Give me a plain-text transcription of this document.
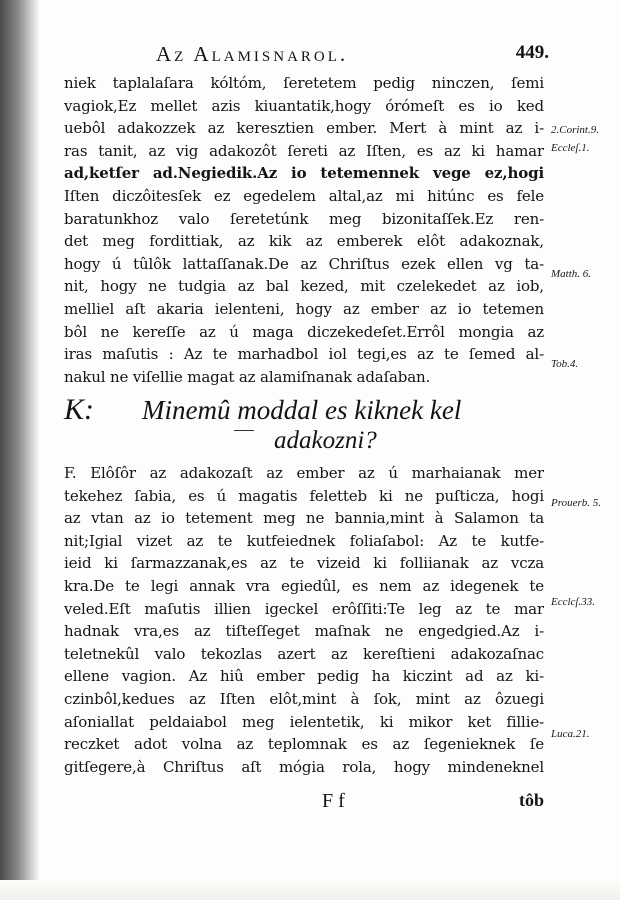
Az Alamisnarol.	449.
niek taplalaſara kóltóm, ſeretetem pedig ninczen, ſemi
vagiok,Ez mellet azis kiuantatik,hogy órómeſt es io ked
uebôl adakozzek az keresztien ember. Mert à mint az i-
ras tanit, az vig adakozôt ſereti az Iſten, es az ki hamar
ad,ketſer ad.Negiedik.Az io tetemennek vege ez,hogi
Iſten diczôitesſek ez egedelem altal,az mi hitúnc es fele
baratunkhoz valo ſeretetúnk meg bizonitaſſek.Ez ren-
det meg fordittiak, az kik az emberek elôt adakoznak,
hogy ú tûlôk lattaſſanak.De az Chriſtus ezek ellen vg ta-
nit, hogy ne tudgia az bal kezed, mit czelekedet az iob,
melliel aſt akaria ielenteni, hogy az ember az io tetemen
bôl ne kereſſe az ú maga diczekedeſet.Errôl mongia az
iras maſutis : Az te marhadbol iol tegi,es az te ſemed al-
nakul ne viſellie magat az alamiſnanak adaſaban.
K: Minemû moddal es kiknek kel
adakozni?
F. Elôſôr az adakozaſt az ember az ú marhaianak mer
tekehez ſabia, es ú magatis feletteb ki ne puſticza, hogi
az vtan az io tetement meg ne bannia,mint à Salamon ta
nit;Igial vizet az te kutfeiednek foliaſabol: Az te kutfe-
ieid ki ſarmazzanak,es az te vizeid ki folliianak az vcza
kra.De te legi annak vra egiedûl, es nem az idegenek te
veled.Eſt maſutis illien igeckel erôſſiti:Te leg az te mar
hadnak vra,es az tiſteſſeget maſnak ne engedgied.Az i-
teletnekûl valo tekozlas azert az kereſtieni adakozaſnac
ellene vagion. Az hiû ember pedig ha kiczint ad az ki-
czinbôl,kedues az Iſten elôt,mint à ſok, mint az ôzuegi
aſoniallat peldaiabol meg ielentetik, ki mikor ket fillie-
reczket adot volna az teplomnak es az ſegenieknek ſe
gitſegere,à Chriſtus aſt mógia rola, hogy mindeneknel
2.Corint.9.
Eccleſ.1.
Matth. 6.
Tob.4.
Prouerb. 5.
Ecclcſ.33.
Luca.21.
F f	tôb
